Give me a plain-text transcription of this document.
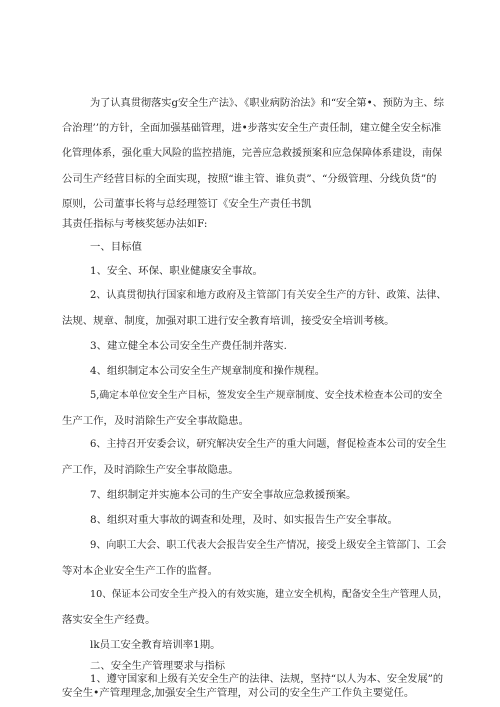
为了认真贯彻落实g安全生产法》、《职业病防治法》和“安全第•、预防为主、综

合治理’’的方针，全面加强基础管理，进•步落实安全生产责任制，建立健全安全标准

化管理体系，强化重大风险的监控措施，完善应急救援预案和应急保障体系建设，南保

公司生产经营目标的全面实现，按照“谁主管、谁负责”、“分级管理、分线负货”的

原则，公司董事长将与总经理签订《安全生产责任书凯

其责任指标与考核奖惩办法如F:

一、目标值

1、安全、环保、职业健康安全事故。

2、认真贯彻执行国家和地方政府及主管部门有关安全生产的方针、政策、法律、

法规、规章、制度，加强对职工进行安全教育培训，接受安全培训考核。

3、建立健全本公司安全生产费任制并落实.

4、组织制定本公司安全生产规章制度和操作规程。

5,确定本单位安全生产目标，签发安全生产规章制度、安全技术检查本公司的安全

生产工作，及时消除生产安全事故隐患。

6、主持召开安委会议，研究解决安全生产的重大问题，督促检查本公司的安全生

产工作，及时消除生产安全事故隐患。

7、组织制定并实施本公司的生产安全事故应急救援预案。

8、组织对重大事故的调查和处理，及时、如实报告生产安全事故。

9、向职工大会、职工代表大会报告安全生产情况，接受上级安全主管部门、工会

等对本企业安全生产工作的监督。

10、保证本公司安全生产投入的有效实施，建立安全机构，配备安全生产管理人员，

落实安全生产经费。

lk员工安全教育培训率1期。

二、安全生产管理要求与指标

1、遵守国家和上级有关安全生产的法律、法规，坚持“以人为本、安全发展”的

安全生•产管理理念,加强安全生产管理，对公司的安全生产工作负主要觉任。
